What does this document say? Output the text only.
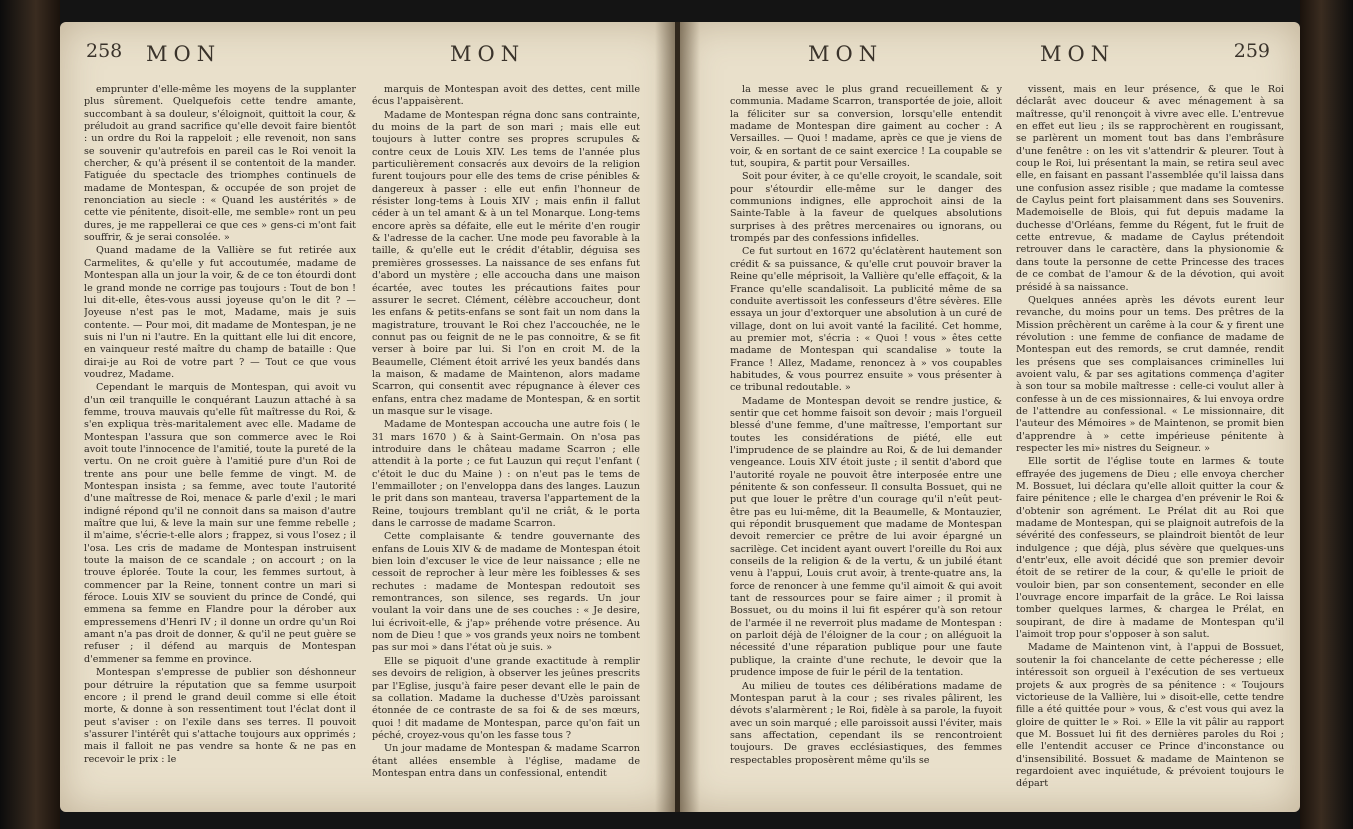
258 MON	MON

emprunter d'elle-même les moyens de la supplanter plus sûrement. Quelquefois cette tendre amante, succombant à sa douleur, s'éloignoit, quittoit la cour, & préludoit au grand sacrifice qu'elle devoit faire bientôt : un ordre du Roi la rappeloit ; elle revenoit, non sans se souvenir qu'autrefois en pareil cas le Roi venoit la chercher, & qu'à présent il se contentoit de la mander. Fatiguée du spectacle des triomphes continuels de madame de Montespan, & occupée de son projet de renonciation au siecle : « Quand les austérités » de cette vie pénitente, disoit-elle, me semble» ront un peu dures, je me rappellerai ce que ces » gens-ci m'ont fait souffrir, & je serai consolée. »

Quand madame de la Vallière se fut retirée aux Carmelites, & qu'elle y fut accoutumée, madame de Montespan alla un jour la voir, & de ce ton étourdi dont le grand monde ne corrige pas toujours : Tout de bon ! lui dit-elle, êtes-vous aussi joyeuse qu'on le dit ? — Joyeuse n'est pas le mot, Madame, mais je suis contente. — Pour moi, dit madame de Montespan, je ne suis ni l'un ni l'autre. En la quittant elle lui dit encore, en vainqueur resté maître du champ de bataille : Que dirai-je au Roi de votre part ? — Tout ce que vous voudrez, Madame.

Cependant le marquis de Montespan, qui avoit vu d'un œil tranquille le conquérant Lauzun attaché à sa femme, trouva mauvais qu'elle fût maîtresse du Roi, & s'en expliqua très-maritalement avec elle. Madame de Montespan l'assura que son commerce avec le Roi avoit toute l'innocence de l'amitié, toute la pureté de la vertu. On ne croit guère à l'amitié pure d'un Roi de trente ans pour une belle femme de vingt. M. de Montespan insista ; sa femme, avec toute l'autorité d'une maîtresse de Roi, menace & parle d'exil ; le mari indigné répond qu'il ne connoit dans sa maison d'autre maître que lui, & leve la main sur une femme rebelle ; il m'aime, s'écrie-t-elle alors ; frappez, si vous l'osez ; il l'osa. Les cris de madame de Montespan instruisent toute la maison de ce scandale ; on accourt ; on la trouve éplorée. Toute la cour, les femmes surtout, à commencer par la Reine, tonnent contre un mari si féroce. Louis XIV se souvient du prince de Condé, qui emmena sa femme en Flandre pour la dérober aux empressemens d'Henri IV ; il donne un ordre qu'un Roi amant n'a pas droit de donner, & qu'il ne peut guère se refuser ; il défend au marquis de Montespan d'emmener sa femme en province.

Montespan s'empresse de publier son déshonneur pour détruire la réputation que sa femme usurpoit encore ; il prend le grand deuil comme si elle étoit morte, & donne à son ressentiment tout l'éclat dont il peut s'aviser : on l'exile dans ses terres. Il pouvoit s'assurer l'intérêt qui s'attache toujours aux opprimés ; mais il falloit ne pas vendre sa honte & ne pas en recevoir le prix : le

marquis de Montespan avoit des dettes, cent mille écus l'appaisèrent.

Madame de Montespan régna donc sans contrainte, du moins de la part de son mari ; mais elle eut toujours à lutter contre ses propres scrupules & contre ceux de Louis XIV. Les tems de l'année plus particulièrement consacrés aux devoirs de la religion furent toujours pour elle des tems de crise pénibles & dangereux à passer : elle eut enfin l'honneur de résister long-tems à Louis XIV ; mais enfin il fallut céder à un tel amant & à un tel Monarque. Long-tems encore après sa défaite, elle eut le mérite d'en rougir & l'adresse de la cacher. Une mode peu favorable à la taille, & qu'elle eut le crédit d'établir, déguisa ses premières grossesses. La naissance de ses enfans fut d'abord un mystère ; elle accoucha dans une maison écartée, avec toutes les précautions faites pour assurer le secret. Clément, célèbre accoucheur, dont les enfans & petits-enfans se sont fait un nom dans la magistrature, trouvant le Roi chez l'accouchée, ne le connut pas ou feignit de ne le pas connoitre, & se fit verser à boire par lui. Si l'on en croit M. de la Beaumelle, Clément étoit arrivé les yeux bandés dans la maison, & madame de Maintenon, alors madame Scarron, qui consentit avec répugnance à élever ces enfans, entra chez madame de Montespan, & en sortit un masque sur le visage.

Madame de Montespan accoucha une autre fois ( le 31 mars 1670 ) & à Saint-Germain. On n'osa pas introduire dans le château madame Scarron ; elle attendit à la porte ; ce fut Lauzun qui reçut l'enfant ( c'étoit le duc du Maine ) : on n'eut pas le tems de l'emmailloter ; on l'enveloppa dans des langes. Lauzun le prit dans son manteau, traversa l'appartement de la Reine, toujours tremblant qu'il ne criât, & le porta dans le carrosse de madame Scarron.

Cette complaisante & tendre gouvernante des enfans de Louis XIV & de madame de Montespan étoit bien loin d'excuser le vice de leur naissance ; elle ne cessoit de reprocher à leur mère les foiblesses & ses rechutes : madame de Montespan redoutoit ses remontrances, son silence, ses regards. Un jour voulant la voir dans une de ses couches : « Je desire, lui écrivoit-elle, & j'ap» préhende votre présence. Au nom de Dieu ! que » vos grands yeux noirs ne tombent pas sur moi » dans l'état où je suis. »

Elle se piquoit d'une grande exactitude à remplir ses devoirs de religion, à observer les jeûnes prescrits par l'Eglise, jusqu'à faire peser devant elle le pain de sa collation. Madame la duchesse d'Uzès paroissant étonnée de ce contraste de sa foi & de ses mœurs, quoi ! dit madame de Montespan, parce qu'on fait un péché, croyez-vous qu'on les fasse tous ?

Un jour madame de Montespan & madame Scarron étant allées ensemble à l'église, madame de Montespan entra dans un confessional, entendit

MON	MON	259

la messe avec le plus grand recueillement & y communia. Madame Scarron, transportée de joie, alloit la féliciter sur sa conversion, lorsqu'elle entendit madame de Montespan dire gaiment au cocher : A Versailles. — Quoi ! madame, après ce que je viens de voir, & en sortant de ce saint exercice ! La coupable se tut, soupira, & partit pour Versailles.

Soit pour éviter, à ce qu'elle croyoit, le scandale, soit pour s'étourdir elle-même sur le danger des communions indignes, elle approchoit ainsi de la Sainte-Table à la faveur de quelques absolutions surprises à des prêtres mercenaires ou ignorans, ou trompés par des confessions infidelles.

Ce fut surtout en 1672 qu'éclatèrent hautement son crédit & sa puissance, & qu'elle crut pouvoir braver la Reine qu'elle méprisoit, la Vallière qu'elle effaçoit, & la France qu'elle scandalisoit. La publicité même de sa conduite avertissoit les confesseurs d'être sévères. Elle essaya un jour d'extorquer une absolution à un curé de village, dont on lui avoit vanté la facilité. Cet homme, au premier mot, s'écria : « Quoi ! vous » êtes cette madame de Montespan qui scandalise » toute la France ! Allez, Madame, renoncez à » vos coupables habitudes, & vous pourrez ensuite » vous présenter à ce tribunal redoutable. »

Madame de Montespan devoit se rendre justice, & sentir que cet homme faisoit son devoir ; mais l'orgueil blessé d'une femme, d'une maîtresse, l'emportant sur toutes les considérations de piété, elle eut l'imprudence de se plaindre au Roi, & de lui demander vengeance. Louis XIV étoit juste ; il sentit d'abord que l'autorité royale ne pouvoit être interposée entre une pénitente & son confesseur. Il consulta Bossuet, qui ne put que louer le prêtre d'un courage qu'il n'eût peut-être pas eu lui-même, dit la Beaumelle, & Montauzier, qui répondit brusquement que madame de Montespan devoit remercier ce prêtre de lui avoir épargné un sacrilège. Cet incident ayant ouvert l'oreille du Roi aux conseils de la religion & de la vertu, & un jubilé étant venu à l'appui, Louis crut avoir, à trente-quatre ans, la force de renoncer à une femme qu'il aimoit & qui avoit tant de ressources pour se faire aimer ; il promit à Bossuet, ou du moins il lui fit espérer qu'à son retour de l'armée il ne reverroit plus madame de Montespan : on parloit déjà de l'éloigner de la cour ; on alléguoit la nécessité d'une réparation publique pour une faute publique, la crainte d'une rechute, le devoir que la prudence impose de fuir le péril de la tentation.

Au milieu de toutes ces délibérations madame de Montespan parut à la cour ; ses rivales pâlirent, les dévots s'alarmèrent ; le Roi, fidèle à sa parole, la fuyoit avec un soin marqué ; elle paroissoit aussi l'éviter, mais sans affectation, cependant ils se rencontroient toujours. De graves ecclésiastiques, des femmes respectables proposèrent même qu'ils se

vissent, mais en leur présence, & que le Roi déclarât avec douceur & avec ménagement à sa maîtresse, qu'il renonçoit à vivre avec elle. L'entrevue en effet eut lieu ; ils se rapprochèrent en rougissant, se parlèrent un moment tout bas dans l'embrâsure d'une fenêtre : on les vit s'attendrir & pleurer. Tout à coup le Roi, lui présentant la main, se retira seul avec elle, en faisant en passant l'assemblée qu'il laissa dans une confusion assez risible ; que madame la comtesse de Caylus peint fort plaisamment dans ses Souvenirs. Mademoiselle de Blois, qui fut depuis madame la duchesse d'Orléans, femme du Régent, fut le fruit de cette entrevue, & madame de Caylus prétendoit retrouver dans le caractère, dans la physionomie & dans toute la personne de cette Princesse des traces de ce combat de l'amour & de la dévotion, qui avoit présidé à sa naissance.

Quelques années après les dévots eurent leur revanche, du moins pour un tems. Des prêtres de la Mission prêchèrent un carême à la cour & y firent une révolution : une femme de confiance de madame de Montespan eut des remords, se crut damnée, rendit les présens que ses complaisances criminelles lui avoient valu, & par ses agitations commença d'agiter à son tour sa mobile maîtresse : celle-ci voulut aller à confesse à un de ces missionnaires, & lui envoya ordre de l'attendre au confessional. « Le missionnaire, dit l'auteur des Mémoires » de Maintenon, se promit bien d'apprendre à » cette impérieuse pénitente à respecter les mi» nistres du Seigneur. »

Elle sortit de l'église toute en larmes & toute effrayée des jugemens de Dieu ; elle envoya chercher M. Bossuet, lui déclara qu'elle alloit quitter la cour & faire pénitence ; elle le chargea d'en prévenir le Roi & d'obtenir son agrément. Le Prélat dit au Roi que madame de Montespan, qui se plaignoit autrefois de la sévérité des confesseurs, se plaindroit bientôt de leur indulgence ; que déjà, plus sévère que quelques-uns d'entr'eux, elle avoit décidé que son premier devoir étoit de se retirer de la cour, & qu'elle le prioit de vouloir bien, par son consentement, seconder en elle l'ouvrage encore imparfait de la grâce. Le Roi laissa tomber quelques larmes, & chargea le Prélat, en soupirant, de dire à madame de Montespan qu'il l'aimoit trop pour s'opposer à son salut.

Madame de Maintenon vint, à l'appui de Bossuet, soutenir la foi chancelante de cette pécheresse ; elle intéressoit son orgueil à l'exécution de ses vertueux projets & aux progrès de sa pénitence : « Toujours victorieuse de la Vallière, lui » disoit-elle, cette tendre fille a été quittée pour » vous, & c'est vous qui avez la gloire de quitter le » Roi. » Elle la vit pâlir au rapport que M. Bossuet lui fit des dernières paroles du Roi ; elle l'entendit accuser ce Prince d'inconstance ou d'insensibilité. Bossuet & madame de Maintenon se regardoient avec inquiétude, & prévoient toujours le départ
